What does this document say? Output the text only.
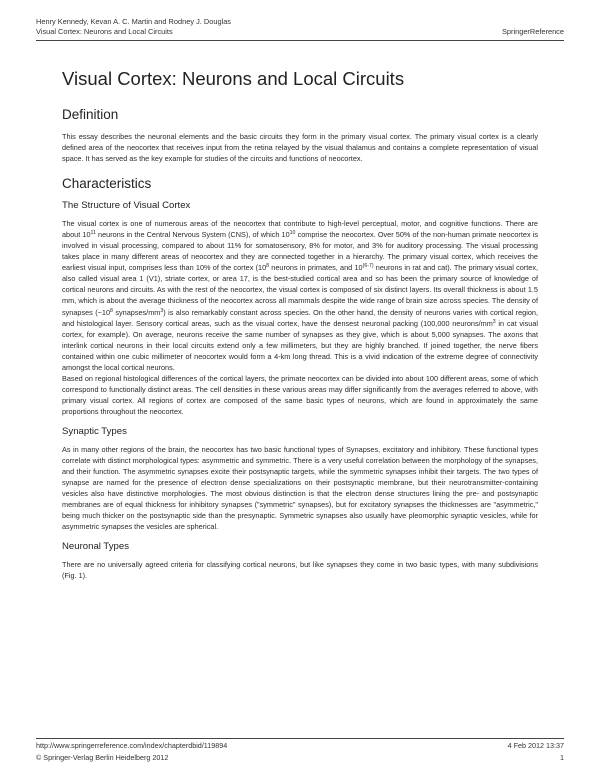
Henry Kennedy, Kevan A. C. Martin and Rodney J. Douglas
Visual Cortex: Neurons and Local Circuits	SpringerReference
Visual Cortex: Neurons and Local Circuits
Definition

This essay describes the neuronal elements and the basic circuits they form in the primary visual cortex. The primary visual cortex is a clearly defined area of the neocortex that receives input from the retina relayed by the visual thalamus and contains a complete representation of visual space. It has served as the key example for studies of the circuits and functions of neocortex.

Characteristics
The Structure of Visual Cortex

The visual cortex is one of numerous areas of the neocortex that contribute to high-level perceptual, motor, and cognitive functions. There are about $10^{11}$ neurons in the Central Nervous System (CNS), of which $10^{10}$ comprise the neocortex. Over 50% of the non-human primate neocortex is involved in visual processing, compared to about 11% for somatosensory, 8% for motor, and 3% for auditory processing. The visual processing takes place in many different areas of neocortex and they are connected together in a hierarchy. The primary visual cortex, which receives the earliest visual input, comprises less than 10% of the cortex ($10^8$ neurons in primates, and 10$^{(6-7)}$ neurons in rat and cat). The primary visual cortex, also called visual area 1 (V1), striate cortex, or area 17, is the best-studied cortical area and so has been the primary source of knowledge of cortical neurons and circuits. As with the rest of the neocortex, the visual cortex is composed of six distinct layers. Its overall thickness is about 1.5 mm, which is about the average thickness of the neocortex across all mammals despite the wide range of brain size across species. The density of synapses ($\sim 10^8$ synapses/$mm^3$) is also remarkably constant across species. On the other hand, the density of neurons varies with cortical region, and histological layer. Sensory cortical areas, such as the visual cortex, have the densest neuronal packing (100,000 neurons/$mm^3$ in cat visual cortex, for example). On average, neurons receive the same number of synapses as they give, which is about 5,000 synapses. The axons that interlink cortical neurons in their local circuits extend only a few millimeters, but they are highly branched. If joined together, the nerve fibers contained within one cubic millimeter of neocortex would form a 4-km long thread. This is a vivid indication of the extreme degree of connectivity amongst the local cortical neurons.

Based on regional histological differences of the cortical layers, the primate neocortex can be divided into about 100 different areas, some of which correspond to functionally distinct areas. The cell densities in these various areas may differ significantly from the averages referred to above, with primary visual cortex. All regions of cortex are composed of the same basic types of neurons, which are found in approximately the same proportions throughout the neocortex.

Synaptic Types

As in many other regions of the brain, the neocortex has two basic functional types of Synapses, excitatory and inhibitory. These functional types correlate with distinct morphological types: asymmetric and symmetric. There is a very useful correlation between the morphology of the synapses, and their function. The asymmetric synapses excite their postsynaptic targets, while the symmetric synapses inhibit their targets. The two types of synapse are named for the presence of electron dense specializations on their postsynaptic membrane, but their neurotransmitter-containing vesicles also have distinctive morphologies. The most obvious distinction is that the electron dense structures lining the pre- and postsynaptic membranes are of equal thickness for inhibitory synapses ("symmetric" synapses), but for excitatory synapses the thicknesses are "asymmetric," being much thicker on the postsynaptic side than the presynaptic. Symmetric synapses also usually have pleomorphic synaptic vesicles, while for asymmetric synapses the vesicles are spherical.

Neuronal Types

There are no universally agreed criteria for classifying cortical neurons, but like synapses they come in two basic types, with many subdivisions (Fig. 1).

http://www.springerreference.com/index/chapterdbid/119894	4 Feb 2012 13:37
© Springer-Verlag Berlin Heidelberg 2012	1
